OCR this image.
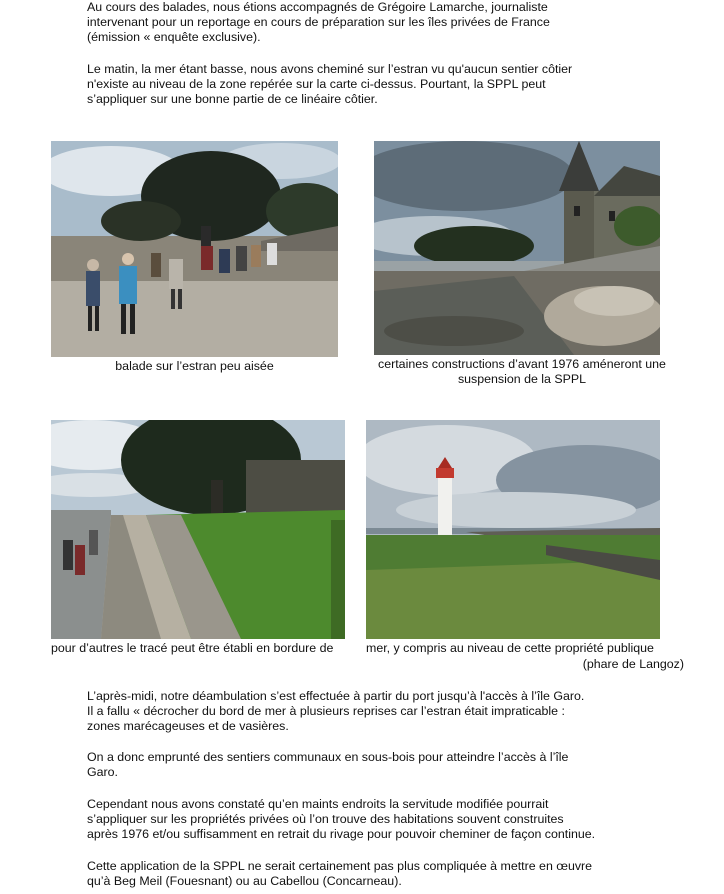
Au cours des balades, nous étions accompagnés de Grégoire Lamarche, journaliste
intervenant pour un reportage en cours de préparation sur les îles privées de France
(émission « enquête exclusive).
Le matin, la mer étant basse, nous avons cheminé sur l’estran vu qu'aucun sentier côtier
n'existe au niveau de la zone repérée sur la carte ci-dessus. Pourtant, la SPPL peut
s’appliquer sur une bonne partie de ce linéaire côtier.
balade sur l’estran peu aisée	certaines constructions d’avant 1976 améneront une
suspension de la SPPL
pour d’autres le tracé peut être établi en bordure de	mer, y compris au niveau de cette propriété publique
(phare de Langoz)
L’après-midi, notre déambulation s’est effectuée à partir du port jusqu’à l'accès à l’île Garo.
Il a fallu « décrocher du bord de mer à plusieurs reprises car l’estran était impraticable :
zones marécageuses et de vasières.
On a donc emprunté des sentiers communaux en sous-bois pour atteindre l’accès à l’île
Garo.
Cependant nous avons constaté qu’en maints endroits la servitude modifiée pourrait
s’appliquer sur les propriétés privées où l’on trouve des habitations souvent construites
après 1976 et/ou suffisamment en retrait du rivage pour pouvoir cheminer de façon continue.
Cette application de la SPPL ne serait certainement pas plus compliquée à mettre en œuvre
qu’à Beg Meil (Fouesnant) ou au Cabellou (Concarneau).
